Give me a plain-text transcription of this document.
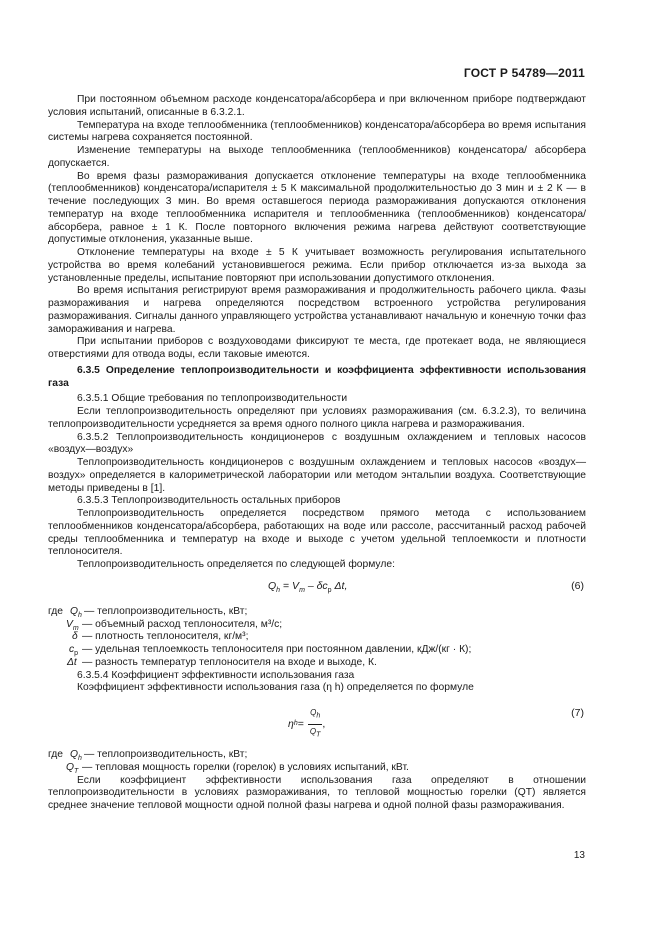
ГОСТ Р 54789—2011

При постоянном объемном расходе конденсатора/абсорбера и при включенном приборе подтверждают условия испытаний, описанные в 6.3.2.1.

Температура на входе теплообменника (теплообменников) конденсатора/абсорбера во время испытания системы нагрева сохраняется постоянной.

Изменение температуры на выходе теплообменника (теплообменников) конденсатора/ абсорбера допускается.

Во время фазы размораживания допускается отклонение температуры на входе теплообменника (теплообменников) конденсатора/испарителя ± 5 К максимальной продолжительностью до 3 мин и ± 2 К — в течение последующих 3 мин. Во время оставшегося периода размораживания допускаются отклонения температур на входе теплообменника испарителя и теплообменника (теплообменников) конденсатора/абсорбера, равное ± 1 К. После повторного включения режима нагрева действуют соответствующие допустимые отклонения, указанные выше.

Отклонение температуры на входе ± 5 К учитывает возможность регулирования испытательного устройства во время колебаний установившегося режима. Если прибор отключается из-за выхода за установленные пределы, испытание повторяют при использовании допустимого отклонения.

Во время испытания регистрируют время размораживания и продолжительность рабочего цикла. Фазы размораживания и нагрева определяются посредством встроенного устройства регулирования размораживания. Сигналы данного управляющего устройства устанавливают начальную и конечную точки фаз замораживания и нагрева.

При испытании приборов с воздуховодами фиксируют те места, где протекает вода, не являющиеся отверстиями для отвода воды, если таковые имеются.

6.3.5 Определение теплопроизводительности и коэффициента эффективности использования газа

6.3.5.1 Общие требования по теплопроизводительности

Если теплопроизводительность определяют при условиях размораживания (см. 6.3.2.3), то величина теплопроизводительности усредняется за время одного полного цикла нагрева и размораживания.

6.3.5.2 Теплопроизводительность кондиционеров с воздушным охлаждением и тепловых насосов «воздух—воздух»

Теплопроизводительность кондиционеров с воздушным охлаждением и тепловых насосов «воздух—воздух» определяется в калориметрической лаборатории или методом энтальпии воздуха. Соответствующие методы приведены в [1].

6.3.5.3 Теплопроизводительность остальных приборов

Теплопроизводительность определяется посредством прямого метода с использованием теплообменников конденсатора/абсорбера, работающих на воде или рассоле, рассчитанный расход рабочей среды теплообменника и температур на входе и выходе с учетом удельной теплоемкости и плотности теплоносителя.

Теплопроизводительность определяется по следующей формуле:

$Q_h = V_m - \delta c_p$ Δt,	(6)
где $Q_h$ — теплопроизводительность, кВт;
$V_m$ — объемный расход теплоносителя, м³/с;
δ — плотность теплоносителя, кг/м³;
$c_p$ — удельная теплоемкость теплоносителя при постоянном давлении, кДж/(кг · К);
Δt — разность температур теплоносителя на входе и выходе, К.

6.3.5.4 Коэффициент эффективности использования газа

Коэффициент эффективности использования газа (η h) определяется по формуле

η $h = \frac{Q_h}{Q_T}$ ,
(7)
где $Q_h$ — теплопроизводительность, кВт;
$Q_T$ — тепловая мощность горелки (горелок) в условиях испытаний, кВт.

Если коэффициент эффективности использования газа определяют в отношении теплопроизводительности в условиях размораживания, то тепловой мощностью горелки (QT) является среднее значение тепловой мощности одной полной фазы нагрева и одной полной фазы размораживания.

13
